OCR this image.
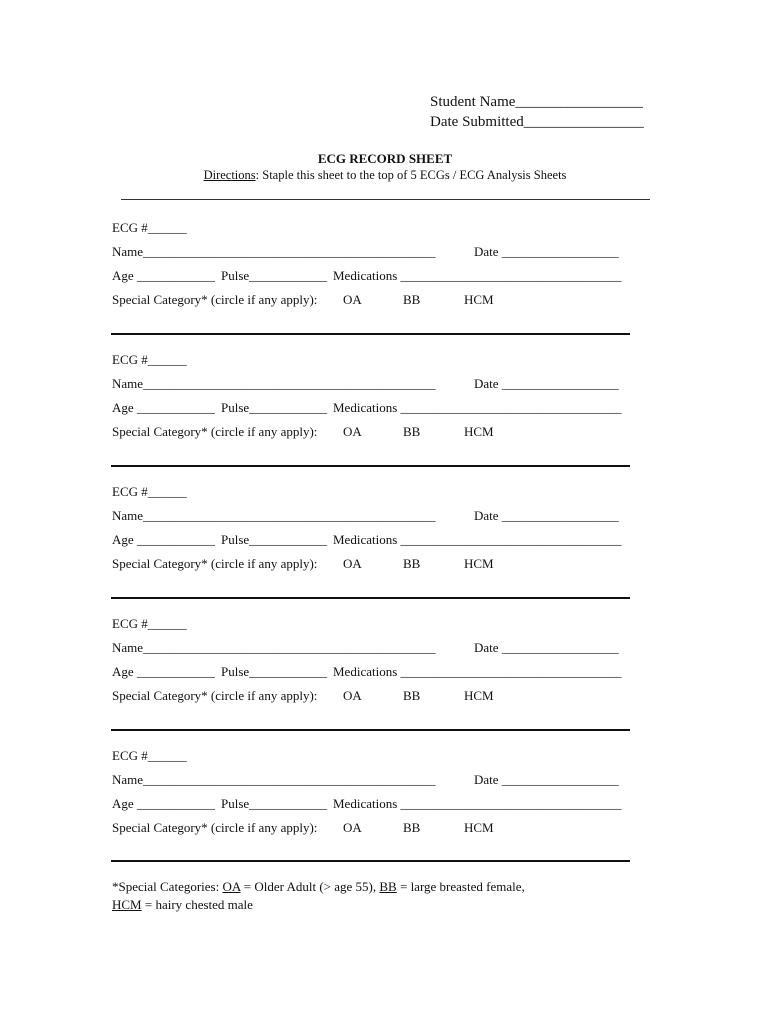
Student Name_________________
Date Submitted________________
ECG RECORD SHEET
Directions: Staple this sheet to the top of 5 ECGs / ECG Analysis Sheets
ECG #______
Name_____________________________________________	Date __________________
Age ____________ Pulse____________ Medications __________________________________
Special Category* (circle if any apply): OA	BB	HCM
ECG #______
Name_____________________________________________	Date __________________
Age ____________ Pulse____________ Medications __________________________________
Special Category* (circle if any apply): OA	BB	HCM
ECG #______
Name_____________________________________________	Date __________________
Age ____________ Pulse____________ Medications __________________________________
Special Category* (circle if any apply): OA	BB	HCM
ECG #______
Name_____________________________________________	Date __________________
Age ____________ Pulse____________ Medications __________________________________
Special Category* (circle if any apply): OA	BB	HCM
ECG #______
Name_____________________________________________	Date __________________
Age ____________ Pulse____________ Medications __________________________________
Special Category* (circle if any apply): OA	BB	HCM
*Special Categories: OA = Older Adult (> age 55), BB = large breasted female,
HCM = hairy chested male
